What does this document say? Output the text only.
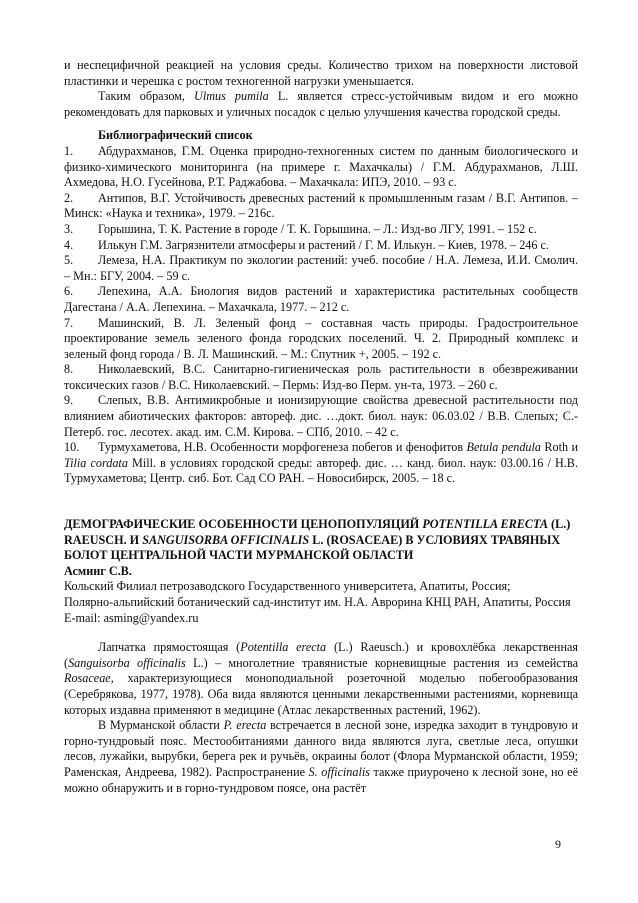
и неспецифичной реакцией на условия среды. Количество трихом на поверхности листовой пластинки и черешка с ростом техногенной нагрузки уменьшается.

Таким образом, Ulmus pumila L. является стресс-устойчивым видом и его можно рекомендовать для парковых и уличных посадок с целью улучшения качества городской среды.

Библиографический список

1. Абдурахманов, Г.М. Оценка природно-техногенных систем по данным биологического и физико-химического мониторинга (на примере г. Махачкалы) / Г.М. Абдурахманов, Л.Ш. Ахмедова, Н.О. Гусейнова, Р.Т. Раджабова. – Махачкала: ИПЭ, 2010. – 93 с.

2. Антипов, В.Г. Устойчивость древесных растений к промышленным газам / В.Г. Антипов. – Минск: «Наука и техника», 1979. – 216с.

3. Горышина, Т. К. Растение в городе / Т. К. Горышина. – Л.: Изд-во ЛГУ, 1991. – 152 с.

4. Илькун Г.М. Загрязнители атмосферы и растений / Г. М. Илькун. – Киев, 1978. – 246 с.

5. Лемеза, Н.А. Практикум по экологии растений: учеб. пособие / Н.А. Лемеза, И.И. Смолич. – Мн.: БГУ, 2004. – 59 с.

6. Лепехина, А.А. Биология видов растений и характеристика растительных сообществ Дагестана / А.А. Лепехина. – Махачкала, 1977. – 212 с.

7. Машинский, В. Л. Зеленый фонд – составная часть природы. Градостроительное проектирование земель зеленого фонда городских поселений. Ч. 2. Природный комплекс и зеленый фонд города / В. Л. Машинский. – М.: Спутник +, 2005. – 192 с.

8. Николаевский, В.С. Санитарно-гигиеническая роль растительности в обезвреживании токсических газов / В.С. Николаевский. – Пермь: Изд-во Перм. ун-та, 1973. – 260 с.

9. Слепых, В.В. Антимикробные и ионизирующие свойства древесной растительности под влиянием абиотических факторов: автореф. дис. …докт. биол. наук: 06.03.02 / В.В. Слепых; С.- Петерб. гос. лесотех. акад. им. С.М. Кирова. – СПб, 2010. – 42 с.

10. Турмухаметова, Н.В. Особенности морфогенеза побегов и фенофитов Betula pendula Roth и Tilia cordata Mill. в условиях городской среды: автореф. дис. … канд. биол. наук: 03.00.16 / Н.В. Турмухаметова; Центр. сиб. Бот. Сад СО РАН. – Новосибирск, 2005. – 18 с.

ДЕМОГРАФИЧЕСКИЕ ОСОБЕННОСТИ ЦЕНОПОПУЛЯЦИЙ POTENTILLA ERECTA (L.) RAEUSCH. И SANGUISORBA OFFICINALIS L. (ROSACEAE) В УСЛОВИЯХ ТРАВЯНЫХ БОЛОТ ЦЕНТРАЛЬНОЙ ЧАСТИ МУРМАНСКОЙ ОБЛАСТИ

Асминг С.В.

Кольский Филиал петрозаводского Государственного университета, Апатиты, Россия;

Полярно-альпийский ботанический сад-институт им. Н.А. Аврорина КНЦ РАН, Апатиты, Россия

E-mail: asming@yandex.ru

Лапчатка прямостоящая (Potentilla erecta (L.) Raeusch.) и кровохлёбка лекарственная (Sanguisorba officinalis L.) – многолетние травянистые корневищные растения из семейства Rosaceae, характеризующиеся моноподиальной розеточной моделью побегообразования (Серебрякова, 1977, 1978). Оба вида являются ценными лекарственными растениями, корневища которых издавна применяют в медицине (Атлас лекарственных растений, 1962).

В Мурманской области P. erecta встречается в лесной зоне, изредка заходит в тундровую и горно-тундровый пояс. Местообитаниями данного вида являются луга, светлые леса, опушки лесов, лужайки, вырубки, берега рек и ручьёв, окраины болот (Флора Мурманской области, 1959; Раменская, Андреева, 1982). Распространение S. officinalis также приурочено к лесной зоне, но её можно обнаружить и в горно-тундровом поясе, она растёт

9
